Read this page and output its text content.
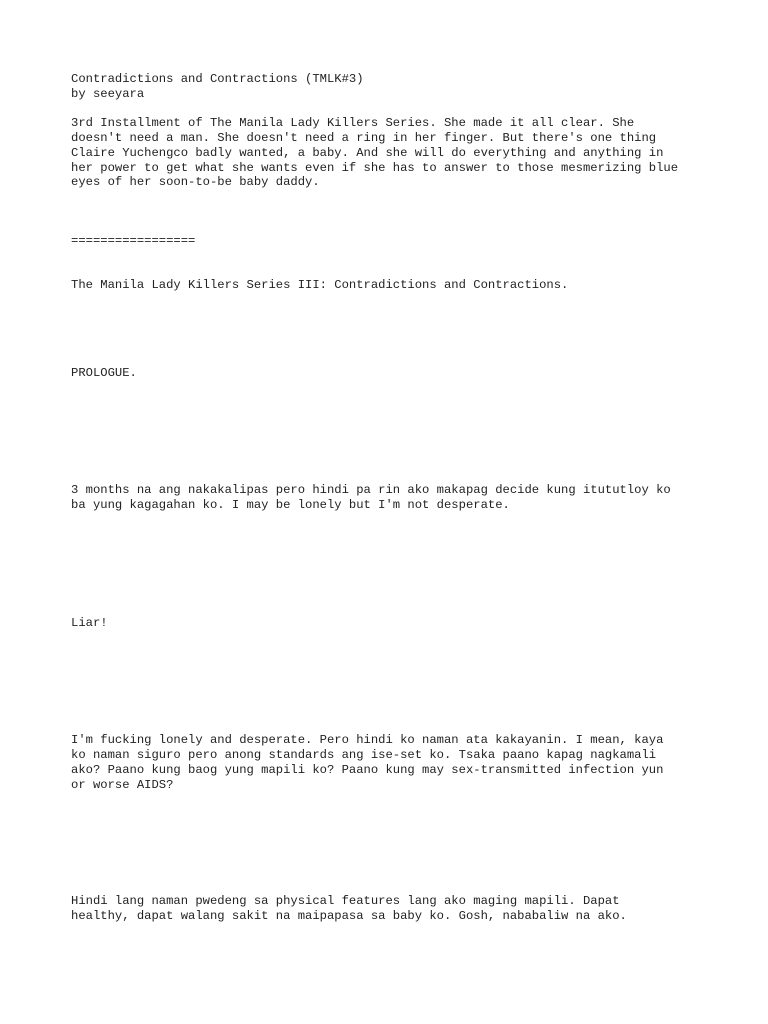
Contradictions and Contractions (TMLK#3)

by seeyara

3rd Installment of The Manila Lady Killers Series. She made it all clear. She

doesn't need a man. She doesn't need a ring in her finger. But there's one thing

Claire Yuchengco badly wanted, a baby. And she will do everything and anything in

her power to get what she wants even if she has to answer to those mesmerizing blue

eyes of her soon-to-be baby daddy.

=================

The Manila Lady Killers Series III: Contradictions and Contractions.

PROLOGUE.

3 months na ang nakakalipas pero hindi pa rin ako makapag decide kung itututloy ko

ba yung kagagahan ko. I may be lonely but I'm not desperate.

Liar!

I'm fucking lonely and desperate. Pero hindi ko naman ata kakayanin. I mean, kaya

ko naman siguro pero anong standards ang ise-set ko. Tsaka paano kapag nagkamali

ako? Paano kung baog yung mapili ko? Paano kung may sex-transmitted infection yun

or worse AIDS?

Hindi lang naman pwedeng sa physical features lang ako maging mapili. Dapat

healthy, dapat walang sakit na maipapasa sa baby ko. Gosh, nababaliw na ako.
